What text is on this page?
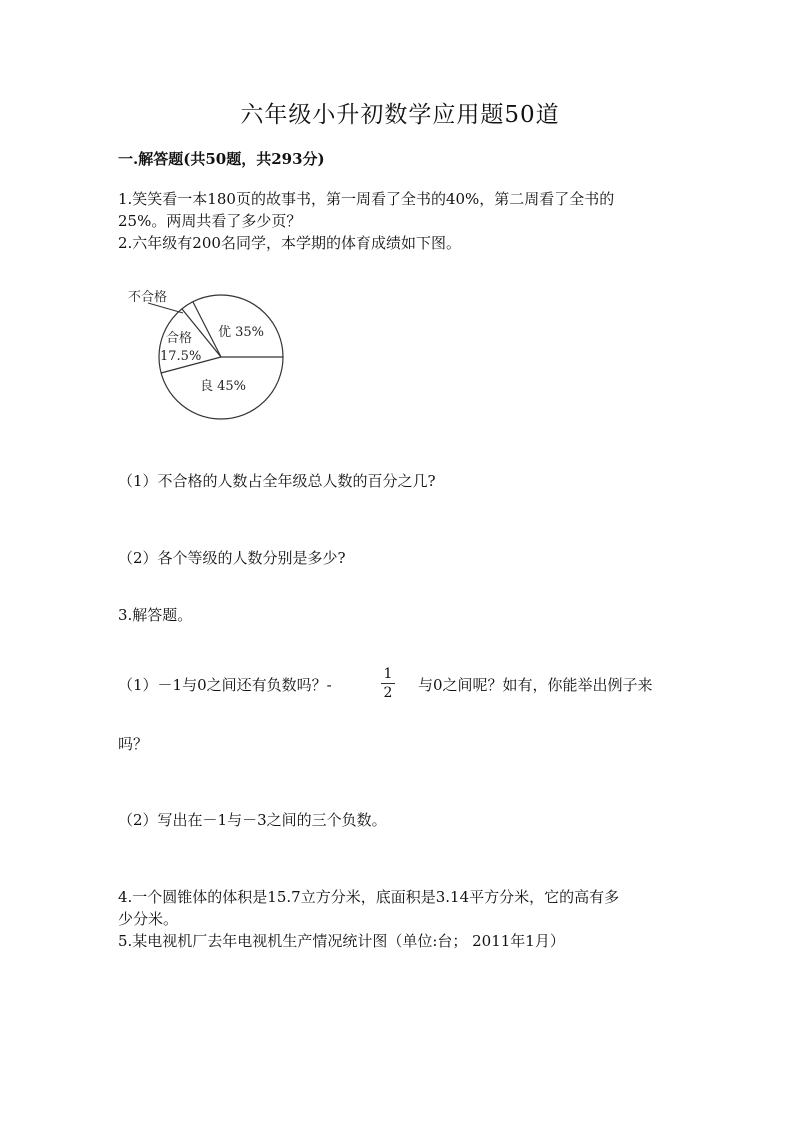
六年级小升初数学应用题50道
一.解答题(共50题，共293分)
1.笑笑看一本180页的故事书，第一周看了全书的40%，第二周看了全书的
25%。两周共看了多少页？
2.六年级有200名同学，本学期的体育成绩如下图。
不合格
优 35%
合格
17.5%
良 45%
（1）不合格的人数占全年级总人数的百分之几?
（2）各个等级的人数分别是多少?
3.解答题。
（1）－1与0之间还有负数吗？-
1
2 与0之间呢？如有，你能举出例子来
吗？
（2）写出在－1与－3之间的三个负数。
4.一个圆锥体的体积是15.7立方分米，底面积是3.14平方分米，它的高有多
少分米。
5.某电视机厂去年电视机生产情况统计图（单位:台； 2011年1月）
